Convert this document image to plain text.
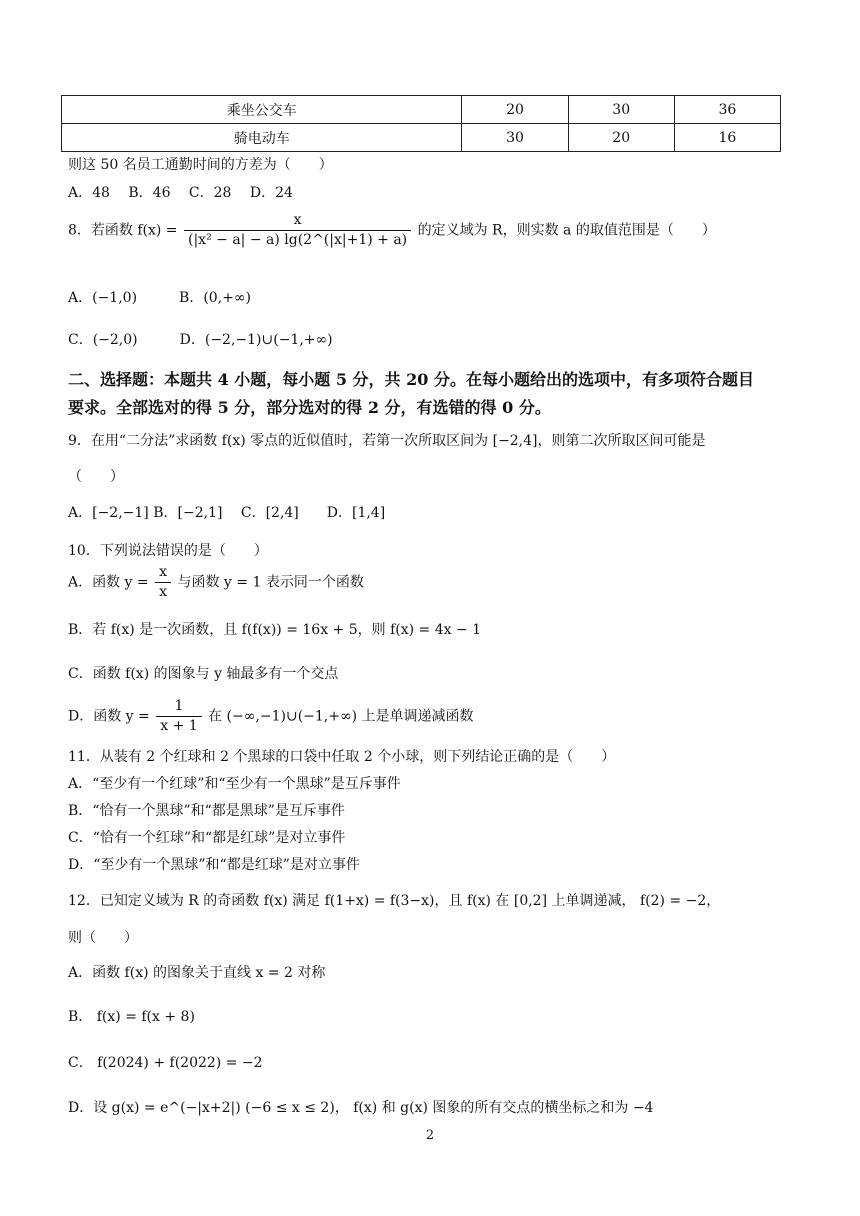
乘坐公交车	20	30	36
骑电动车	30	20	16
则这 50 名员工通勤时间的方差为（　　）
A．48　 B．46　 C．28　 D．24
8．若函数 $f(x) = \frac{x}{\text{(|x² − a| − a) lg(2\textasciicircum{}(|x|+1) + a)}}$ 的定义域为 R，则实数 a 的取值范围是（　　）
A．(−1,0)　　　B．(0,+∞)
C．(−2,0)　　　D．(−2,−1)∪(−1,+∞)
二、选择题：本题共 4 小题，每小题 5 分，共 20 分。在每小题给出的选项中，有多项符合题目
要求。全部选对的得 5 分，部分选对的得 2 分，有选错的得 0 分。
9．在用“二分法”求函数 f(x) 零点的近似值时，若第一次所取区间为 [−2,4]，则第二次所取区间可能是
（　　）
A．[−2,−1] B．[−2,1]　 C．[2,4]　　D．[1,4]
10．下列说法错误的是（　　）
A．函数 $y = \frac{x}{x}$ 与函数 y = 1 表示同一个函数
B．若 f(x) 是一次函数，且 f(f(x)) = 16x + 5，则 f(x) = 4x − 1
C．函数 f(x) 的图象与 y 轴最多有一个交点
D．函数 $y = \frac{1}{x + 1}$ 在 (−∞,−1)∪(−1,+∞) 上是单调递减函数
11．从装有 2 个红球和 2 个黑球的口袋中任取 2 个小球，则下列结论正确的是（　　）
A．“至少有一个红球”和“至少有一个黑球”是互斥事件
B．“恰有一个黑球”和“都是黑球”是互斥事件
C．“恰有一个红球”和“都是红球”是对立事件
D．“至少有一个黑球”和“都是红球”是对立事件
12．已知定义域为 R 的奇函数 f(x) 满足 f(1+x) = f(3−x)，且 f(x) 在 [0,2] 上单调递减， f(2) = −2，
则（　　）
A．函数 f(x) 的图象关于直线 x = 2 对称
B． f(x) = f(x + 8)
C． f(2024) + f(2022) = −2
D．设 g(x) = e^(−|x+2|) (−6 ≤ x ≤ 2)， f(x) 和 g(x) 图象的所有交点的横坐标之和为 −4
2
